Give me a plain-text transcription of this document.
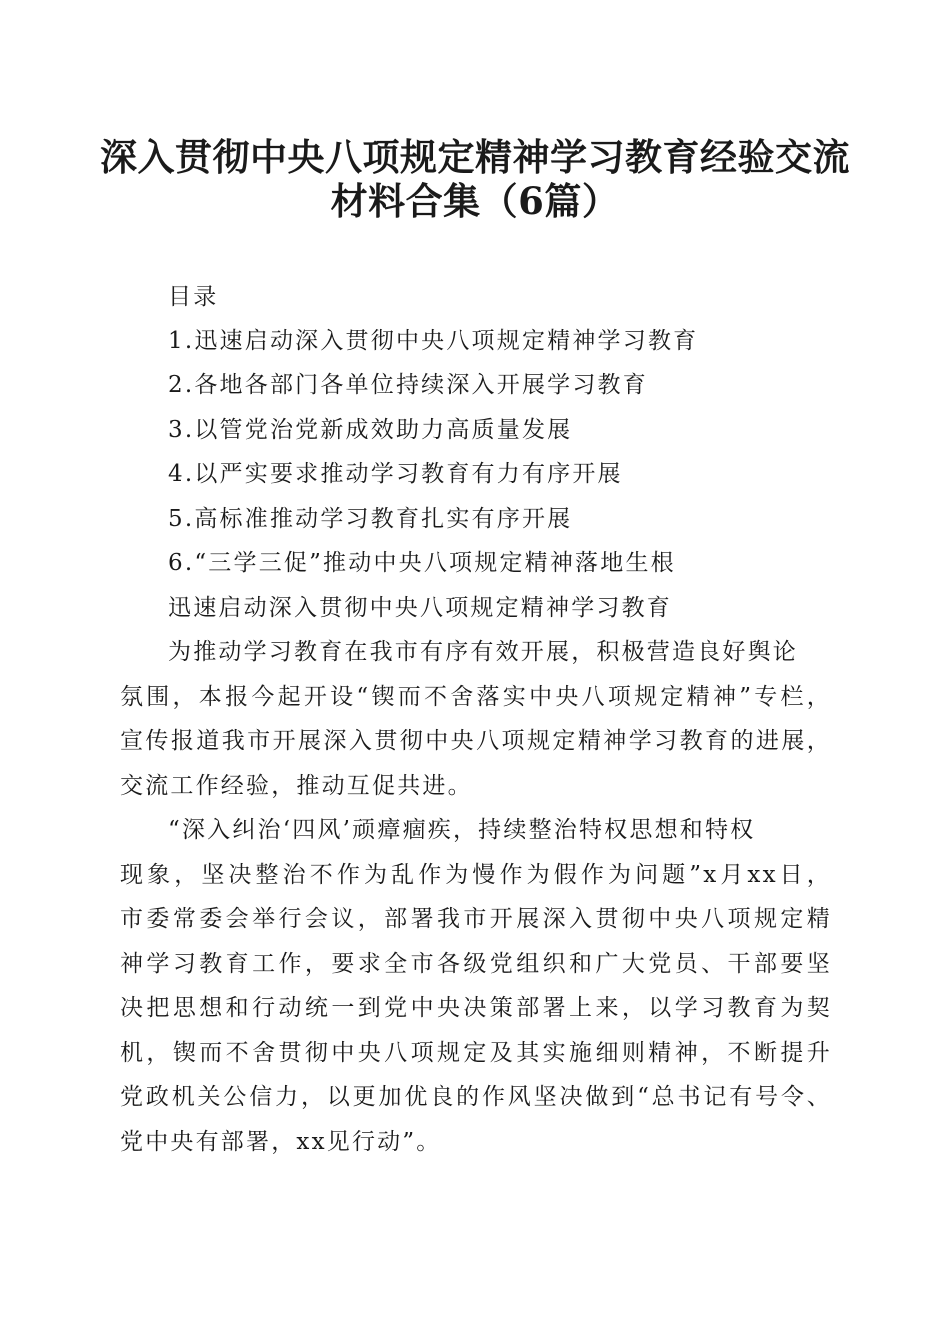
深入贯彻中央八项规定精神学习教育经验交流
材料合集（6篇）

目录

1.迅速启动深入贯彻中央八项规定精神学习教育

2.各地各部门各单位持续深入开展学习教育

3.以管党治党新成效助力高质量发展

4.以严实要求推动学习教育有力有序开展

5.高标准推动学习教育扎实有序开展

6.“三学三促”推动中央八项规定精神落地生根

迅速启动深入贯彻中央八项规定精神学习教育

为推动学习教育在我市有序有效开展，积极营造良好舆论

氛围，本报今起开设“锲而不舍落实中央八项规定精神”专栏，

宣传报道我市开展深入贯彻中央八项规定精神学习教育的进展，

交流工作经验，推动互促共进。

“深入纠治‘四风’顽瘴痼疾，持续整治特权思想和特权

现象，坚决整治不作为乱作为慢作为假作为问题”x月xx日，

市委常委会举行会议，部署我市开展深入贯彻中央八项规定精

神学习教育工作，要求全市各级党组织和广大党员、干部要坚

决把思想和行动统一到党中央决策部署上来，以学习教育为契

机，锲而不舍贯彻中央八项规定及其实施细则精神，不断提升

党政机关公信力，以更加优良的作风坚决做到“总书记有号令、

党中央有部署，xx见行动”。
